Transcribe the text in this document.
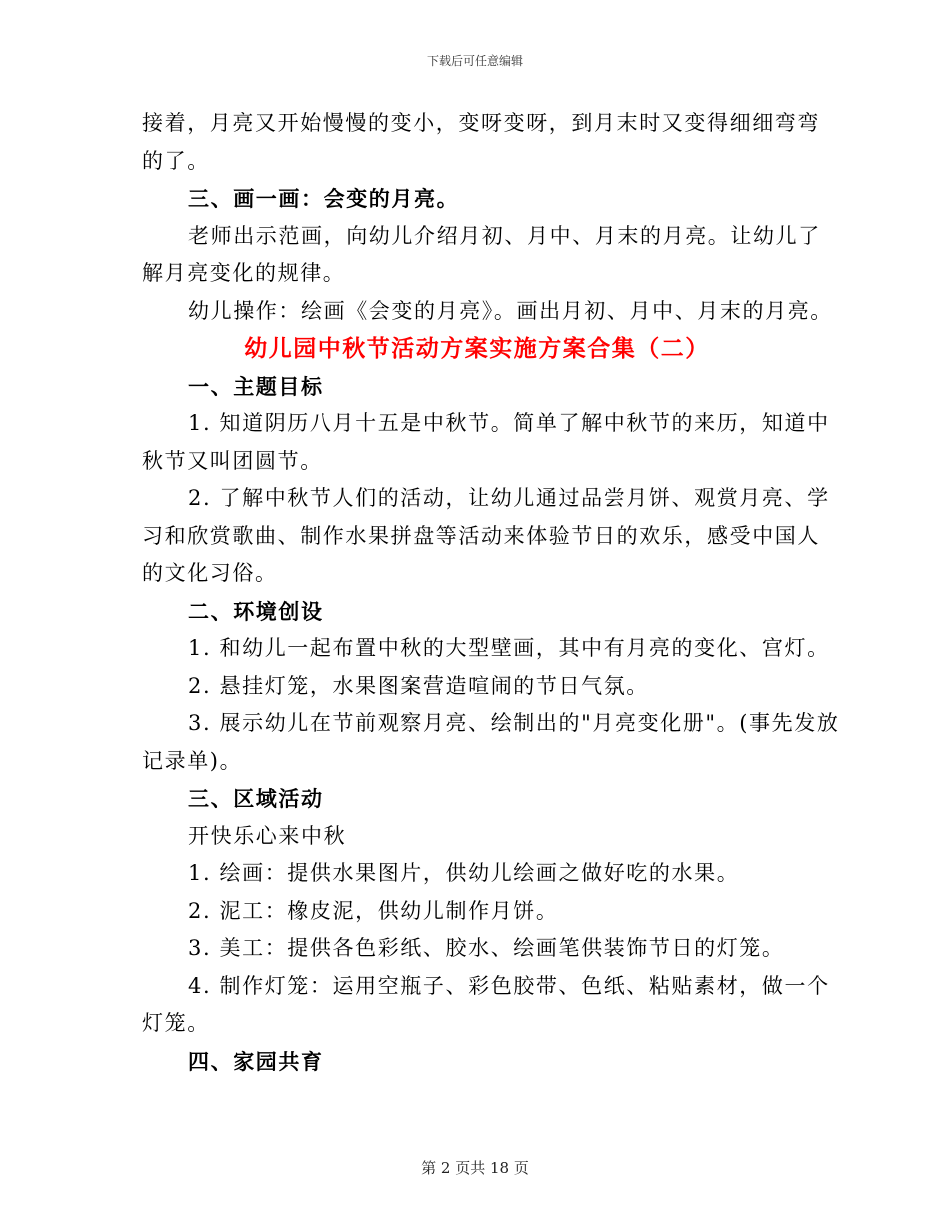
下载后可任意编辑

接着，月亮又开始慢慢的变小，变呀变呀，到月末时又变得细细弯弯

的了。

三、画一画：会变的月亮。

老师出示范画，向幼儿介绍月初、月中、月末的月亮。让幼儿了

解月亮变化的规律。

幼儿操作：绘画《会变的月亮》。画出月初、月中、月末的月亮。

幼儿园中秋节活动方案实施方案合集（二）

一、主题目标

1. 知道阴历八月十五是中秋节。简单了解中秋节的来历，知道中

秋节又叫团圆节。

2. 了解中秋节人们的活动，让幼儿通过品尝月饼、观赏月亮、学

习和欣赏歌曲、制作水果拼盘等活动来体验节日的欢乐，感受中国人

的文化习俗。

二、环境创设

1. 和幼儿一起布置中秋的大型壁画，其中有月亮的变化、宫灯。

2. 悬挂灯笼，水果图案营造喧闹的节日气氛。

3. 展示幼儿在节前观察月亮、绘制出的"月亮变化册"。(事先发放

记录单)。

三、区域活动

开快乐心来中秋

1. 绘画：提供水果图片，供幼儿绘画之做好吃的水果。

2. 泥工：橡皮泥，供幼儿制作月饼。

3. 美工：提供各色彩纸、胶水、绘画笔供装饰节日的灯笼。

4. 制作灯笼：运用空瓶子、彩色胶带、色纸、粘贴素材，做一个

灯笼。

四、家园共育

第 2 页共 18 页
